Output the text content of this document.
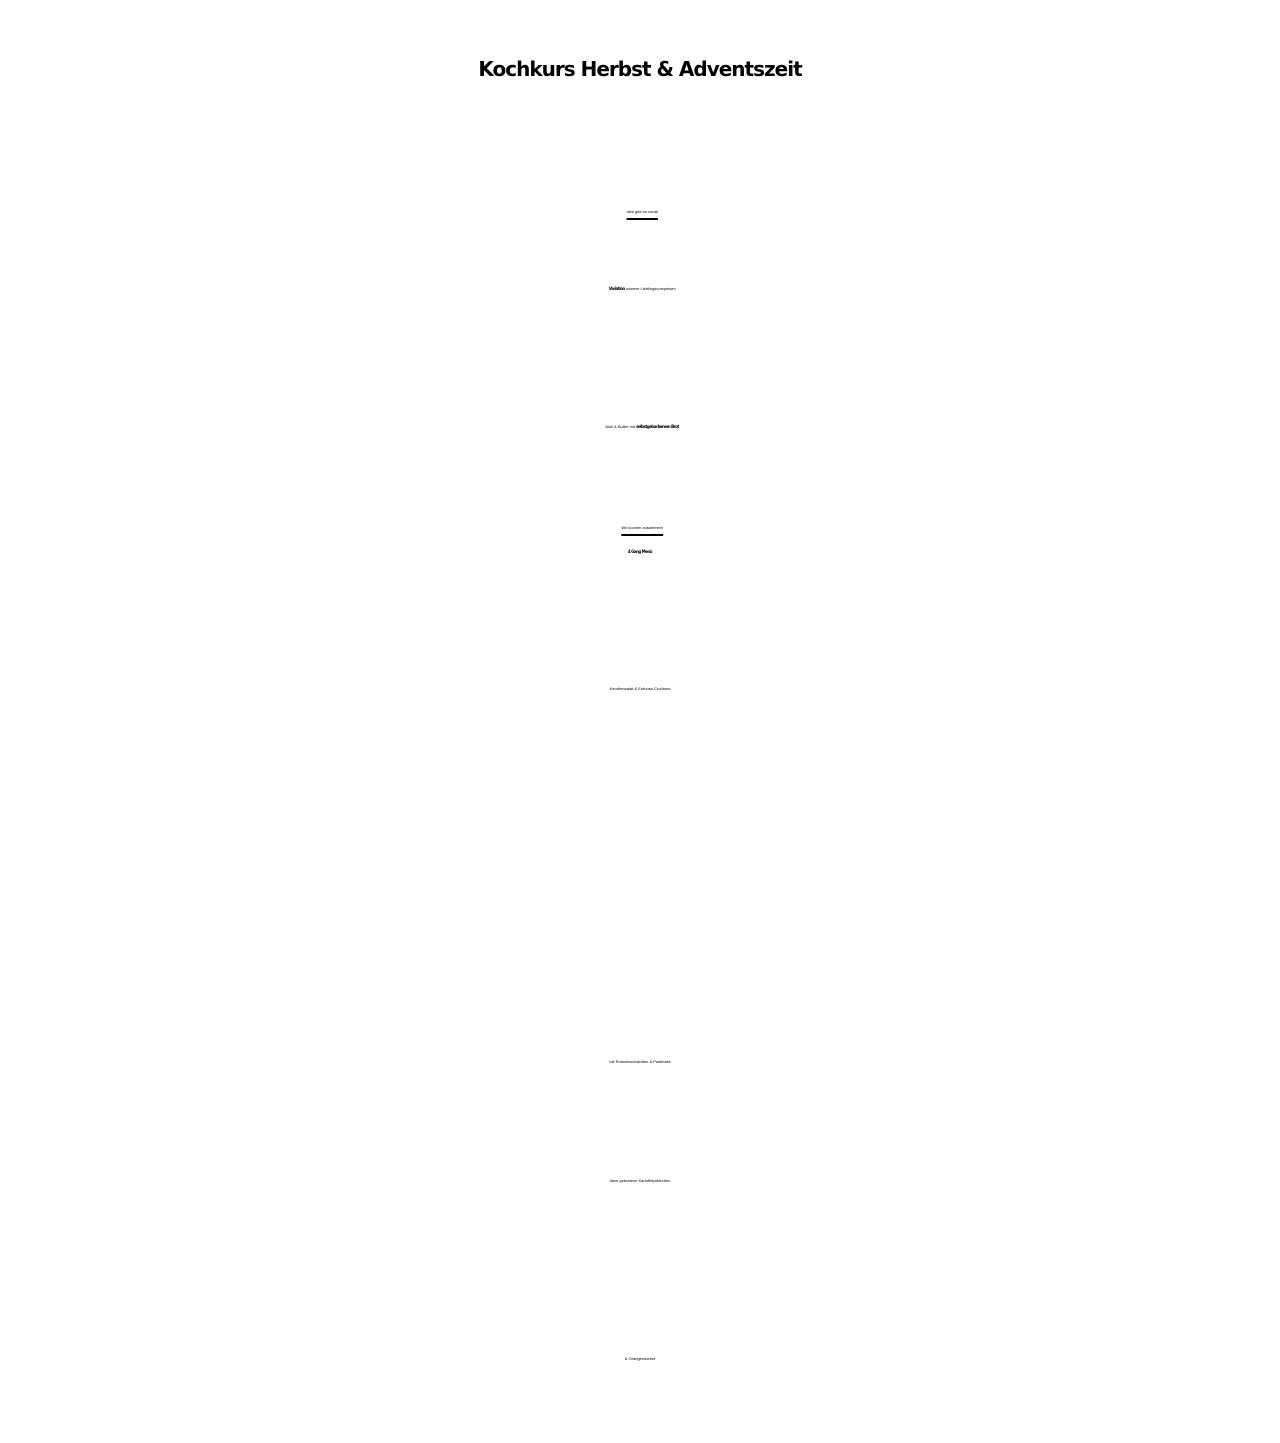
Kochkurs Herbst & Adventszeit

dies gibt es vorab

Variation unserer Lieblingsvorspeisen

Aioli & Butter mit selbstgebackenem Brot

Wir kochen zusammen!

4 Gang Menü

Karottensalat & Erdnuss-Croûtons

mit Rotweinschalotten & Pastinake

dazu gebratene Kartoffelplätzchen

& Orangensorbet
